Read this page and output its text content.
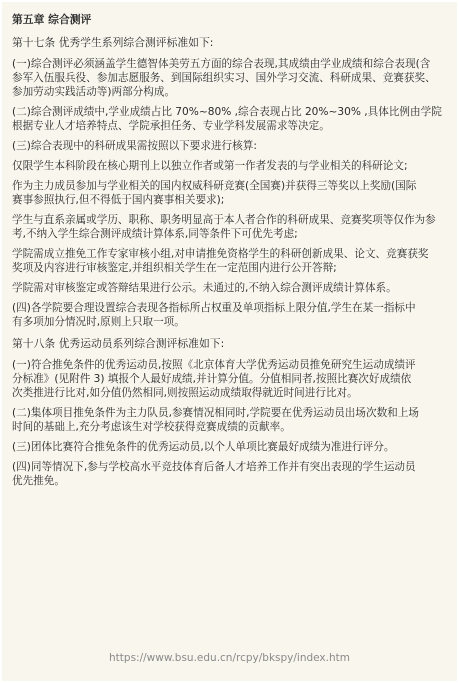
第五章 综合测评
第十七条 优秀学生系列综合测评标准如下:
(一)综合测评必须涵盖学生德智体美劳五方面的综合表现,其成绩由学业成绩和综合表现(含
参军入伍服兵役、参加志愿服务、到国际组织实习、国外学习交流、科研成果、竞赛获奖、
参加劳动实践活动等)两部分构成。
(二)综合测评成绩中,学业成绩占比 70%~80% ,综合表现占比 20%~30% ,具体比例由学院
根据专业人才培养特点、学院承担任务、专业学科发展需求等决定。
(三)综合表现中的科研成果需按照以下要求进行核算:
仅限学生本科阶段在核心期刊上以独立作者或第一作者发表的与学业相关的科研论文;
作为主力成员参加与学业相关的国内权威科研竞赛(全国赛)并获得三等奖以上奖励(国际
赛事参照执行,但不得低于国内赛事相关要求);
学生与直系亲属或学历、职称、职务明显高于本人者合作的科研成果、竞赛奖项等仅作为参
考,不纳入学生综合测评成绩计算体系,同等条件下可优先考虑;
学院需成立推免工作专家审核小组,对申请推免资格学生的科研创新成果、论文、竞赛获奖
奖项及内容进行审核鉴定,并组织相关学生在一定范围内进行公开答辩;
学院需对审核鉴定或答辩结果进行公示。未通过的,不纳入综合测评成绩计算体系。
(四)各学院要合理设置综合表现各指标所占权重及单项指标上限分值,学生在某一指标中
有多项加分情况时,原则上只取一项。
第十八条 优秀运动员系列综合测评标准如下:
(一)符合推免条件的优秀运动员,按照《北京体育大学优秀运动员推免研究生运动成绩评
分标准》(见附件 3) 填报个人最好成绩,并计算分值。分值相同者,按照比赛次好成绩依
次类推进行比对,如分值仍然相同,则按照运动成绩取得就近时间进行比对。
(二)集体项目推免条件为主力队员,参赛情况相同时,学院要在优秀运动员出场次数和上场
时间的基础上,充分考虑该生对学校获得竞赛成绩的贡献率。
(三)团体比赛符合推免条件的优秀运动员,以个人单项比赛最好成绩为准进行评分。
(四)同等情况下,参与学校高水平竞技体育后备人才培养工作并有突出表现的学生运动员
优先推免。
https://www.bsu.edu.cn/rcpy/bkspy/index.htm
